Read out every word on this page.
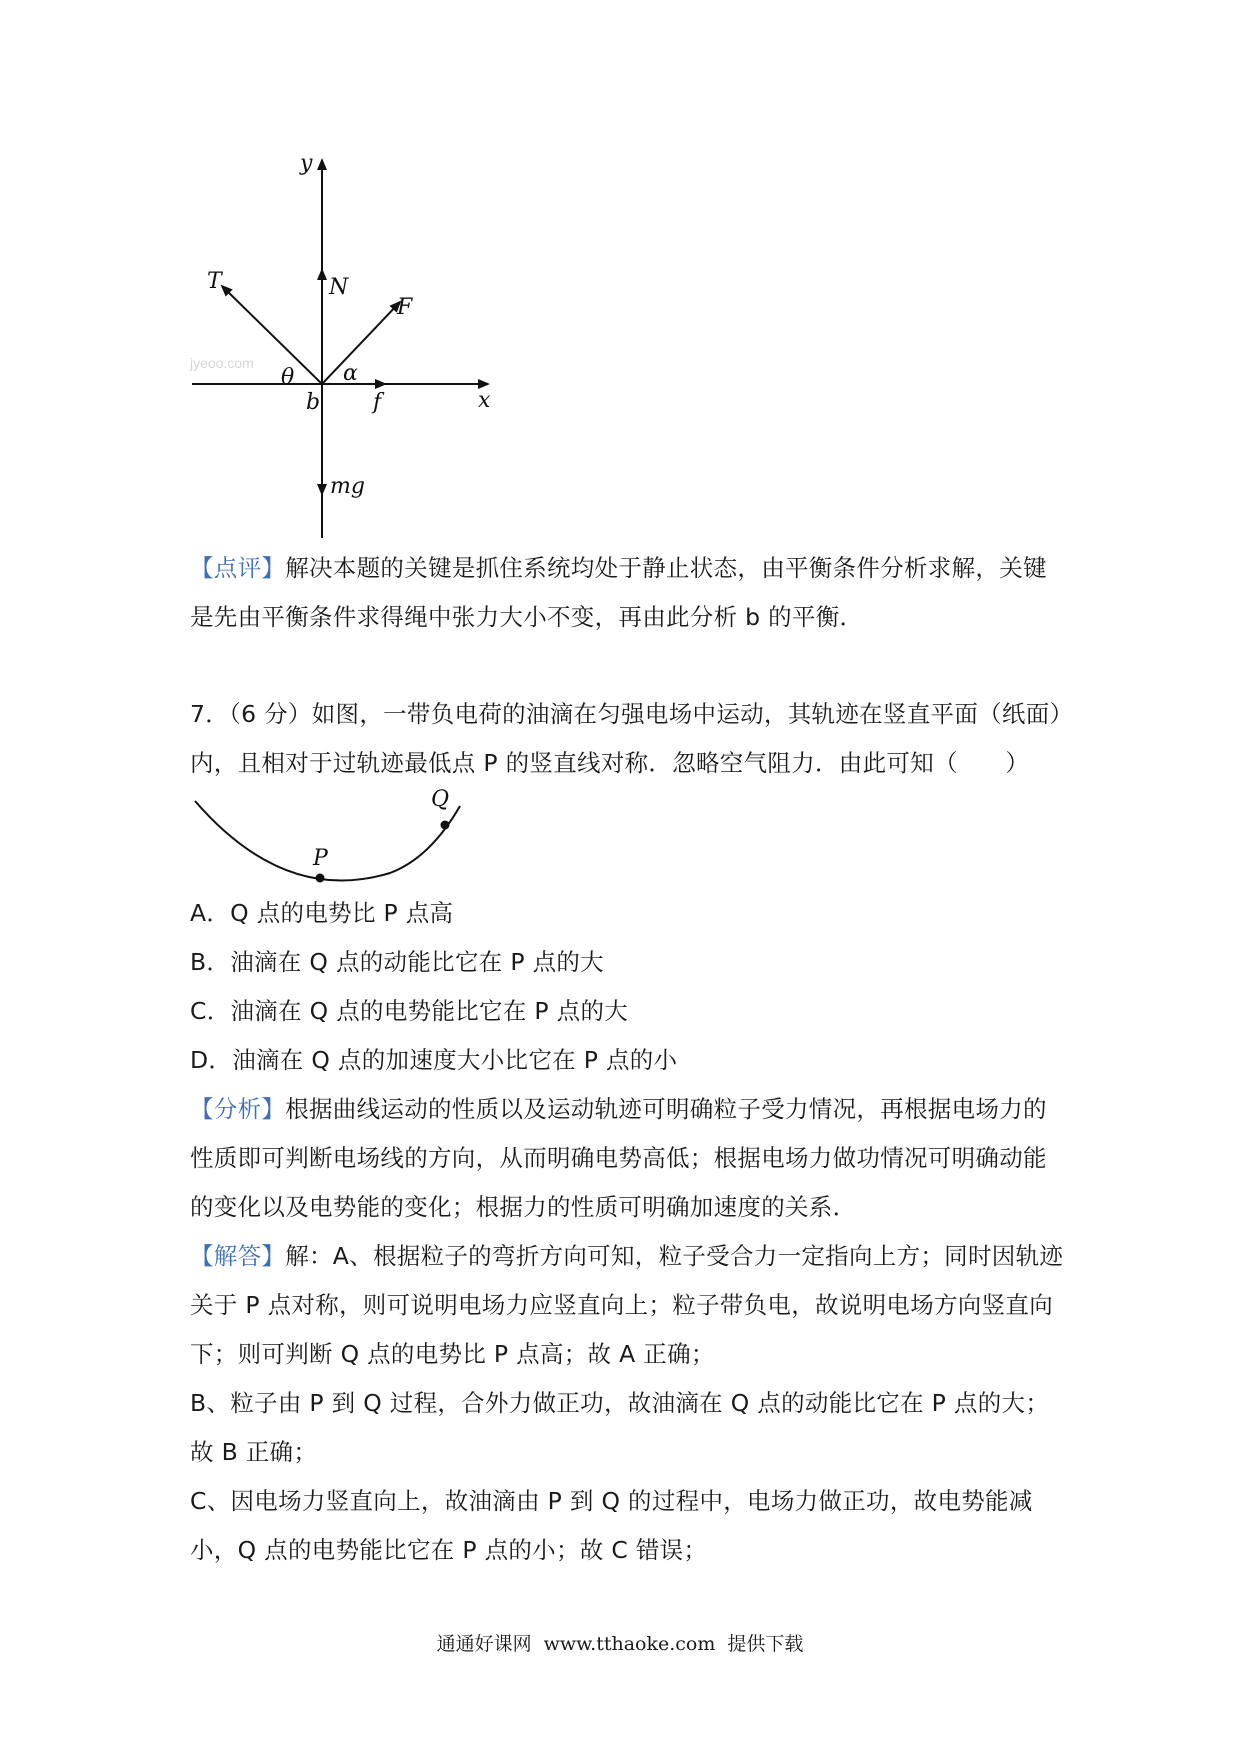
jyeoo.com
y
T	N
F
θ α
b f	x
mg

【点评】解决本题的关键是抓住系统均处于静止状态，由平衡条件分析求解，关键是先由平衡条件求得绳中张力大小不变，再由此分析 b 的平衡．

7．（6 分）如图，一带负电荷的油滴在匀强电场中运动，其轨迹在竖直平面（纸面）内，且相对于过轨迹最低点 P 的竖直线对称．忽略空气阻力．由此可知（　　）

P
Q
A．Q 点的电势比 P 点高
B．油滴在 Q 点的动能比它在 P 点的大
C．油滴在 Q 点的电势能比它在 P 点的大
D．油滴在 Q 点的加速度大小比它在 P 点的小

【分析】根据曲线运动的性质以及运动轨迹可明确粒子受力情况，再根据电场力的性质即可判断电场线的方向，从而明确电势高低；根据电场力做功情况可明确动能的变化以及电势能的变化；根据力的性质可明确加速度的关系．

【解答】解：A、根据粒子的弯折方向可知，粒子受合力一定指向上方；同时因轨迹关于 P 点对称，则可说明电场力应竖直向上；粒子带负电，故说明电场方向竖直向下；则可判断 Q 点的电势比 P 点高；故 A 正确；

B、粒子由 P 到 Q 过程，合外力做正功，故油滴在 Q 点的动能比它在 P 点的大；故 B 正确；

C、因电场力竖直向上，故油滴由 P 到 Q 的过程中，电场力做正功，故电势能减小，Q 点的电势能比它在 P 点的小；故 C 错误；

通通好课网 www.tthaoke.com 提供下载
